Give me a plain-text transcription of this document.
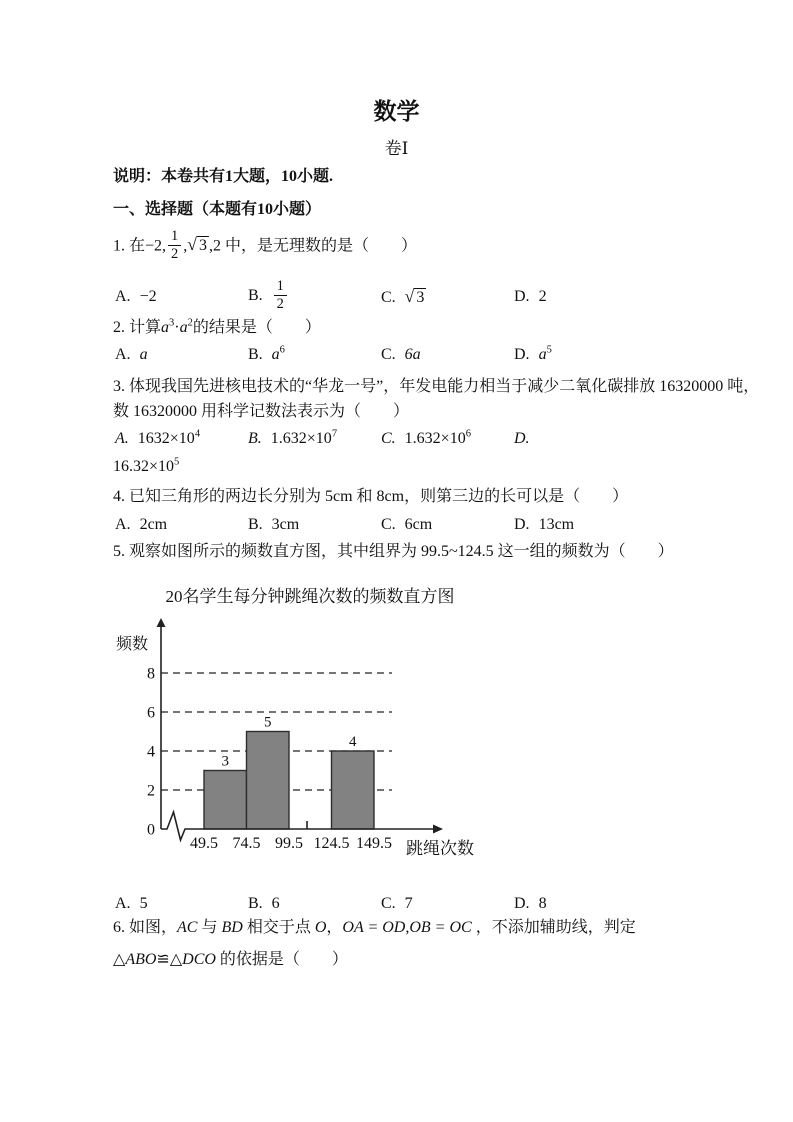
数学
卷Ⅰ
说明：本卷共有1大题，10小题.
一、选择题（本题有10小题）
1. 在−2, $\frac{1}{2}$ ,√ 3 ,2 中，是无理数的是（　　）
A. −2	B. $\frac{1}{2}$	C. √ 3	D. 2
2. 计算$a^3\cdot a^2$的结果是（　　）
A. a	B. $a^6$	C. 6a	D. $a^5$
3. 体现我国先进核电技术的“华龙一号”，年发电能力相当于减少二氧化碳排放 16320000 吨，
数 16320000 用科学记数法表示为（　　）
A. $1632\times 10^4$	B. $1.632\times 10^7$	C. $1.632\times 10^6$	D.
$16.32\times 10^5$
4. 已知三角形的两边长分别为 5cm 和 8cm，则第三边的长可以是（　　）
A. 2cm	B. 3cm	C. 6cm	D. 13cm
5. 观察如图所示的频数直方图，其中组界为 99.5~124.5 这一组的频数为（　　）
20名学生每分钟跳绳次数的频数直方图
频数
跳绳次数
3
5
4
0
2
4
6
8
49.5 74.5 99.5 124.5 149.5
A. 5	B. 6	C. 7	D. 8
6. 如图，AC 与 BD 相交于点 O，OA = OD,OB = OC ，不添加辅助线，判定
△ABO≌△DCO 的依据是（　　）
